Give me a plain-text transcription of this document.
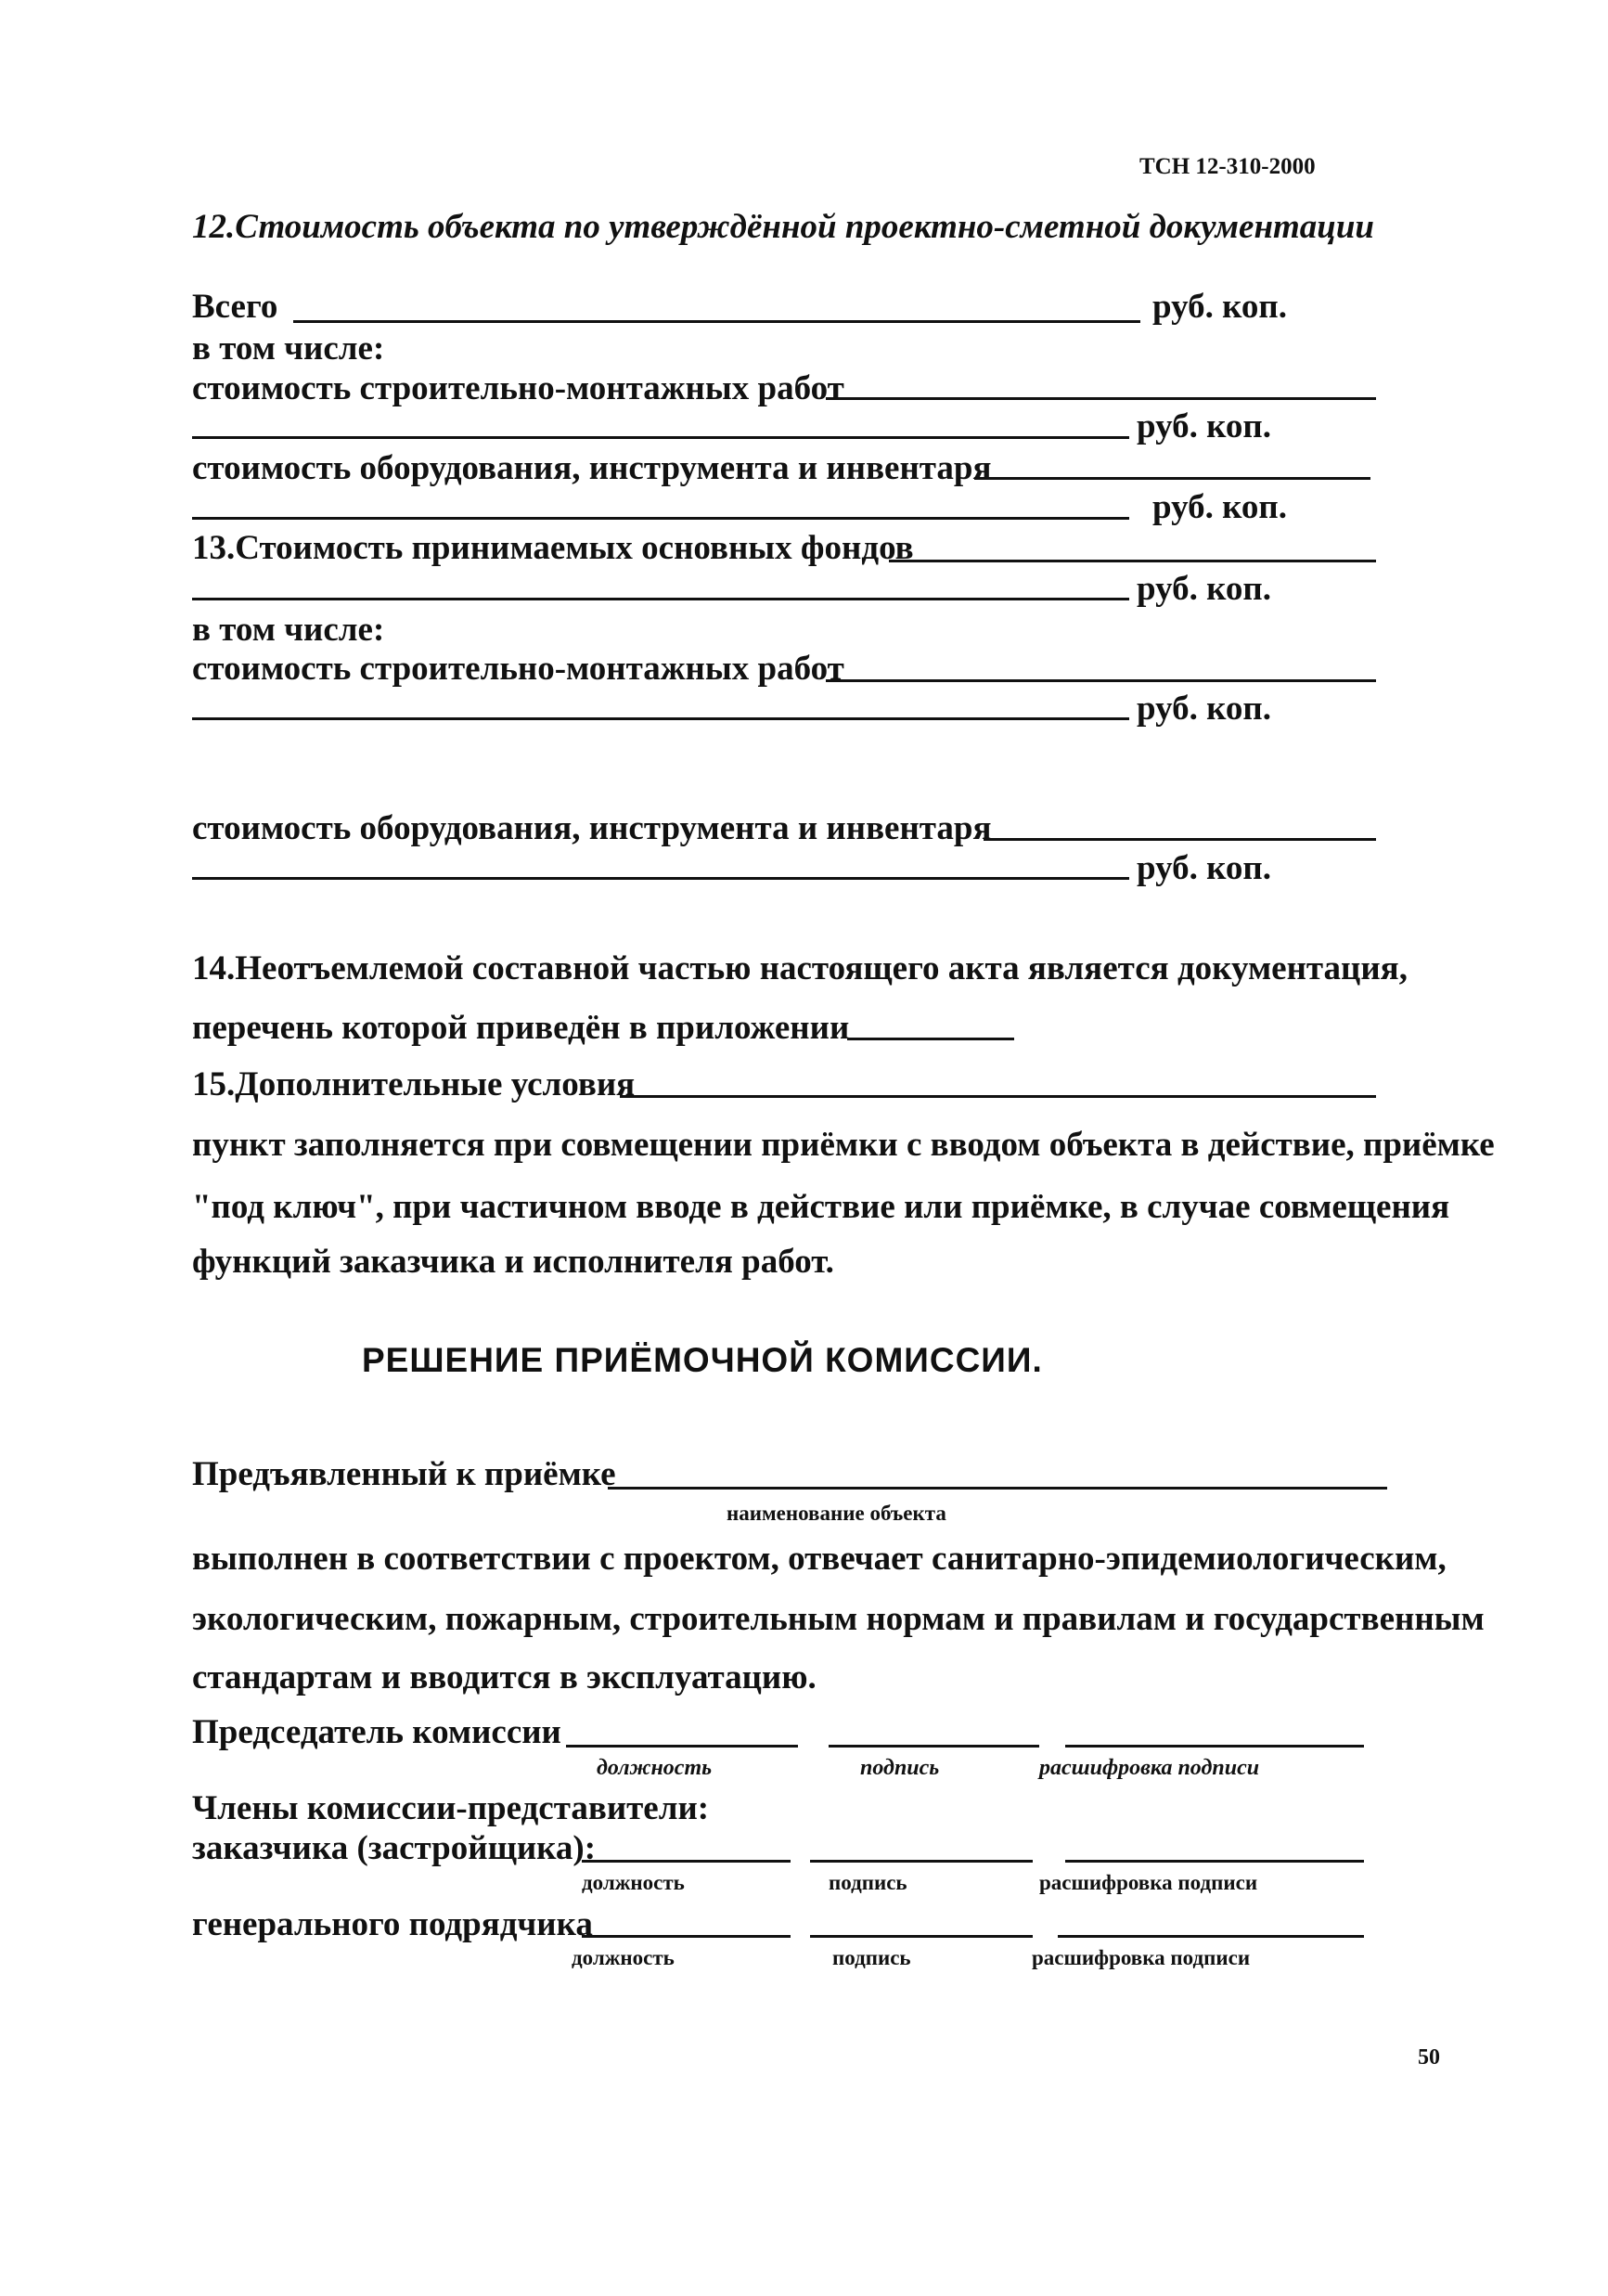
ТСН 12-310-2000
12.Стоимость объекта по утверждённой проектно-сметной документации
Всего	руб. коп.
в том числе:
стоимость строительно-монтажных работ
руб. коп.
стоимость оборудования, инструмента и инвентаря
руб. коп.
13.Стоимость принимаемых основных фондов
руб. коп.
в том числе:
стоимость строительно-монтажных работ
руб. коп.
стоимость оборудования, инструмента и инвентаря
руб. коп.
14.Неотъемлемой составной частью настоящего акта является документация,
перечень которой приведён в приложении
15.Дополнительные условия
пункт заполняется при совмещении приёмки с вводом объекта в действие, приёмке
"под ключ", при частичном вводе в действие или приёмке, в случае совмещения
функций заказчика и исполнителя работ.
РЕШЕНИЕ ПРИЁМОЧНОЙ КОМИССИИ.
Предъявленный к приёмке
наименование объекта
выполнен в соответствии с проектом, отвечает санитарно-эпидемиологическим,
экологическим, пожарным, строительным нормам и правилам и государственным
стандартам и вводится в эксплуатацию.
Председатель комиссии
должность	подпись	расшифровка подписи
Члены комиссии-представители:
заказчика (застройщика):
должность	подпись	расшифровка подписи
генерального подрядчика
должность	подпись	расшифровка подписи
50
